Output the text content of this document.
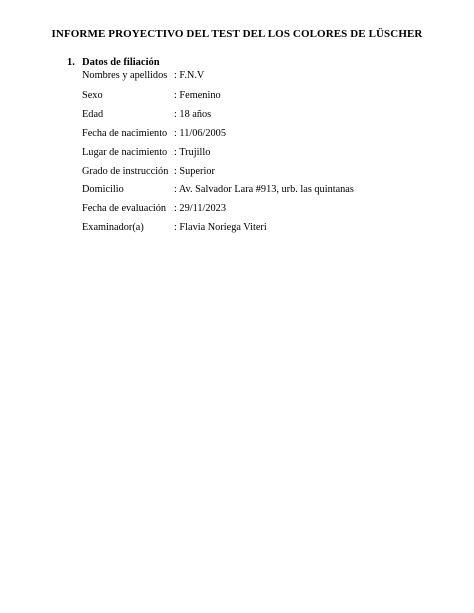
INFORME PROYECTIVO DEL TEST DEL LOS COLORES DE LÜSCHER
1. Datos de filiación
Nombres y apellidos : F.N.V
Sexo	: Femenino
Edad	: 18 años
Fecha de nacimiento : 11/06/2005
Lugar de nacimiento : Trujillo
Grado de instrucción : Superior
Domicilio	: Av. Salvador Lara #913, urb. las quintanas
Fecha de evaluación : 29/11/2023
Examinador(a)	: Flavia Noriega Viteri
